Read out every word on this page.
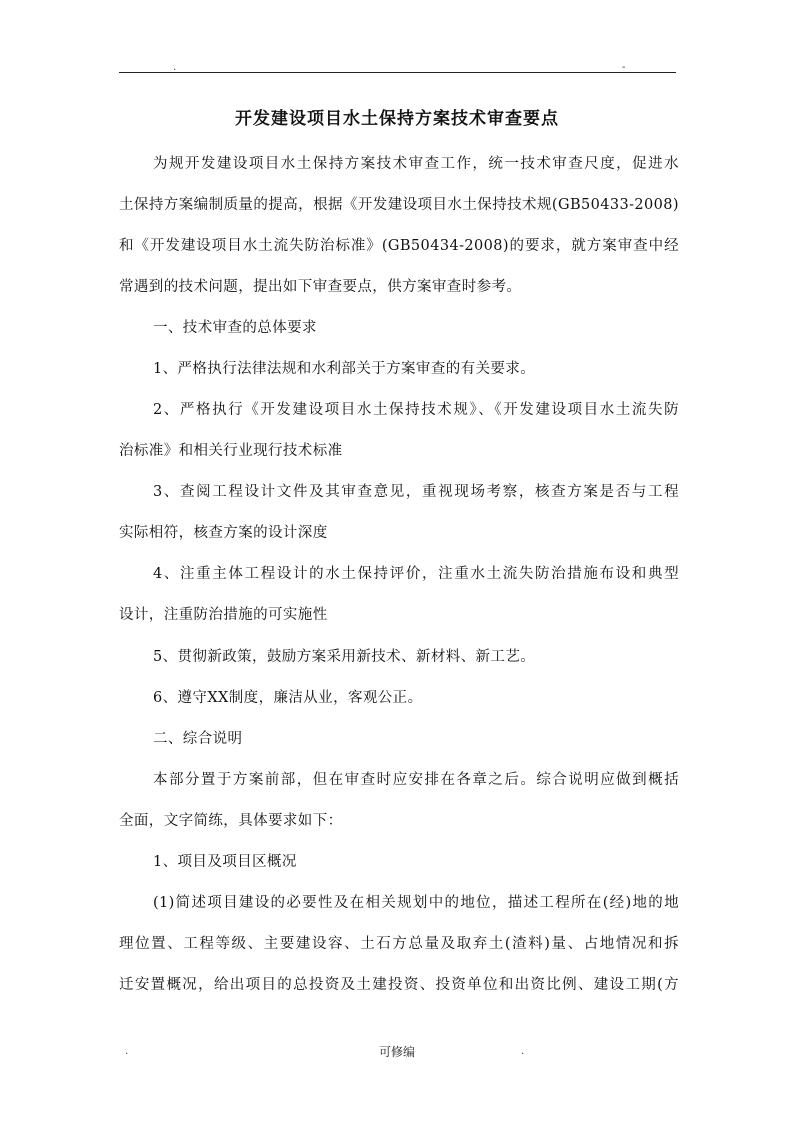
.	-
开发建设项目水土保持方案技术审查要点
为规开发建设项目水土保持方案技术审查工作，统一技术审查尺度，促进水
土保持方案编制质量的提高，根据《开发建设项目水土保持技术规(GB50433-2008)
和《开发建设项目水土流失防治标准》(GB50434-2008)的要求，就方案审查中经
常遇到的技术问题，提出如下审查要点，供方案审查时参考。
一、技术审查的总体要求
1、严格执行法律法规和水利部关于方案审查的有关要求。
2、严格执行《开发建设项目水土保持技术规》、《开发建设项目水土流失防
治标准》和相关行业现行技术标准
3、查阅工程设计文件及其审查意见，重视现场考察，核查方案是否与工程
实际相符，核查方案的设计深度
4、注重主体工程设计的水土保持评价，注重水土流失防治措施布设和典型
设计，注重防治措施的可实施性
5、贯彻新政策，鼓励方案采用新技术、新材料、新工艺。
6、遵守XX制度，廉洁从业，客观公正。
二、综合说明
本部分置于方案前部，但在审查时应安排在各章之后。综合说明应做到概括
全面，文字简练，具体要求如下：
1、项目及项目区概况
(1)简述项目建设的必要性及在相关规划中的地位，描述工程所在(经)地的地
理位置、工程等级、主要建设容、土石方总量及取弃土(渣料)量、占地情况和拆
迁安置概况，给出项目的总投资及土建投资、投资单位和出资比例、建设工期(方
.	可修编	.
